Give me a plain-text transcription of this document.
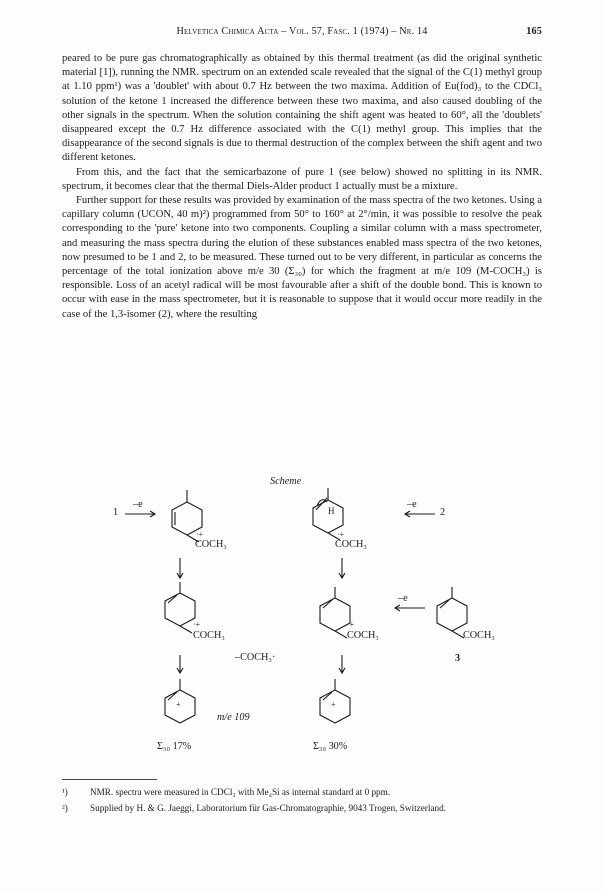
Helvetica Chimica Acta – Vol. 57, Fasc. 1 (1974) – Nr. 14	165

peared to be pure gas chromatographically as obtained by this thermal treatment (as did the original synthetic material [1]), running the NMR. spectrum on an extended scale revealed that the signal of the C(1) methyl group at 1.10 ppm¹) was a 'doublet' with about 0.7 Hz between the two maxima. Addition of Eu(fod)₃ to the CDCl₃ solution of the ketone 1 increased the difference between these two maxima, and also caused doubling of the other signals in the spectrum. When the solution containing the shift agent was heated to 60°, all the 'doublets' disappeared except the 0.7 Hz difference associated with the C(1) methyl group. This implies that the disappearance of the second signals is due to thermal destruction of the complex between the shift agent and two different ketones.

From this, and the fact that the semicarbazone of pure 1 (see below) showed no splitting in its NMR. spectrum, it becomes clear that the thermal Diels-Alder product 1 actually must be a mixture.

Further support for these results was provided by examination of the mass spectra of the two ketones. Using a capillary column (UCON, 40 m)²) programmed from 50° to 160° at 2°/min, it was possible to resolve the peak corresponding to the 'pure' ketone into two components. Coupling a similar column with a mass spectrometer, and measuring the mass spectra during the elution of these substances enabled mass spectra of the two ketones, now presumed to be 1 and 2, to be measured. These turned out to be very different, in particular as concerns the percentage of the total ionization above m/e 30 (Σ₃₀) for which the fragment at m/e 109 (M-COCH₃) is responsible. Loss of an acetyl radical will be most favourable after a shift of the double bond. This is known to occur with ease in the mass spectrometer, but it is reasonable to suppose that it would occur more readily in the case of the 1,3-isomer (2), where the resulting

Scheme
1
–e
·+
COCH₃
H
·+
COCH₃
–e
2
·+
COCH₃
·+
COCH₃
–e
COCH₃
3
–COCH₃·
+	+
m/e 109
Σ₃₀ 17%	Σ₃₀ 30%
¹) NMR. spectra were measured in CDCl₃ with Me₄Si as internal standard at 0 ppm.
²) Supplied by H. & G. Jaeggi, Laboratorium für Gas-Chromatographie, 9043 Trogen, Switzerland.
